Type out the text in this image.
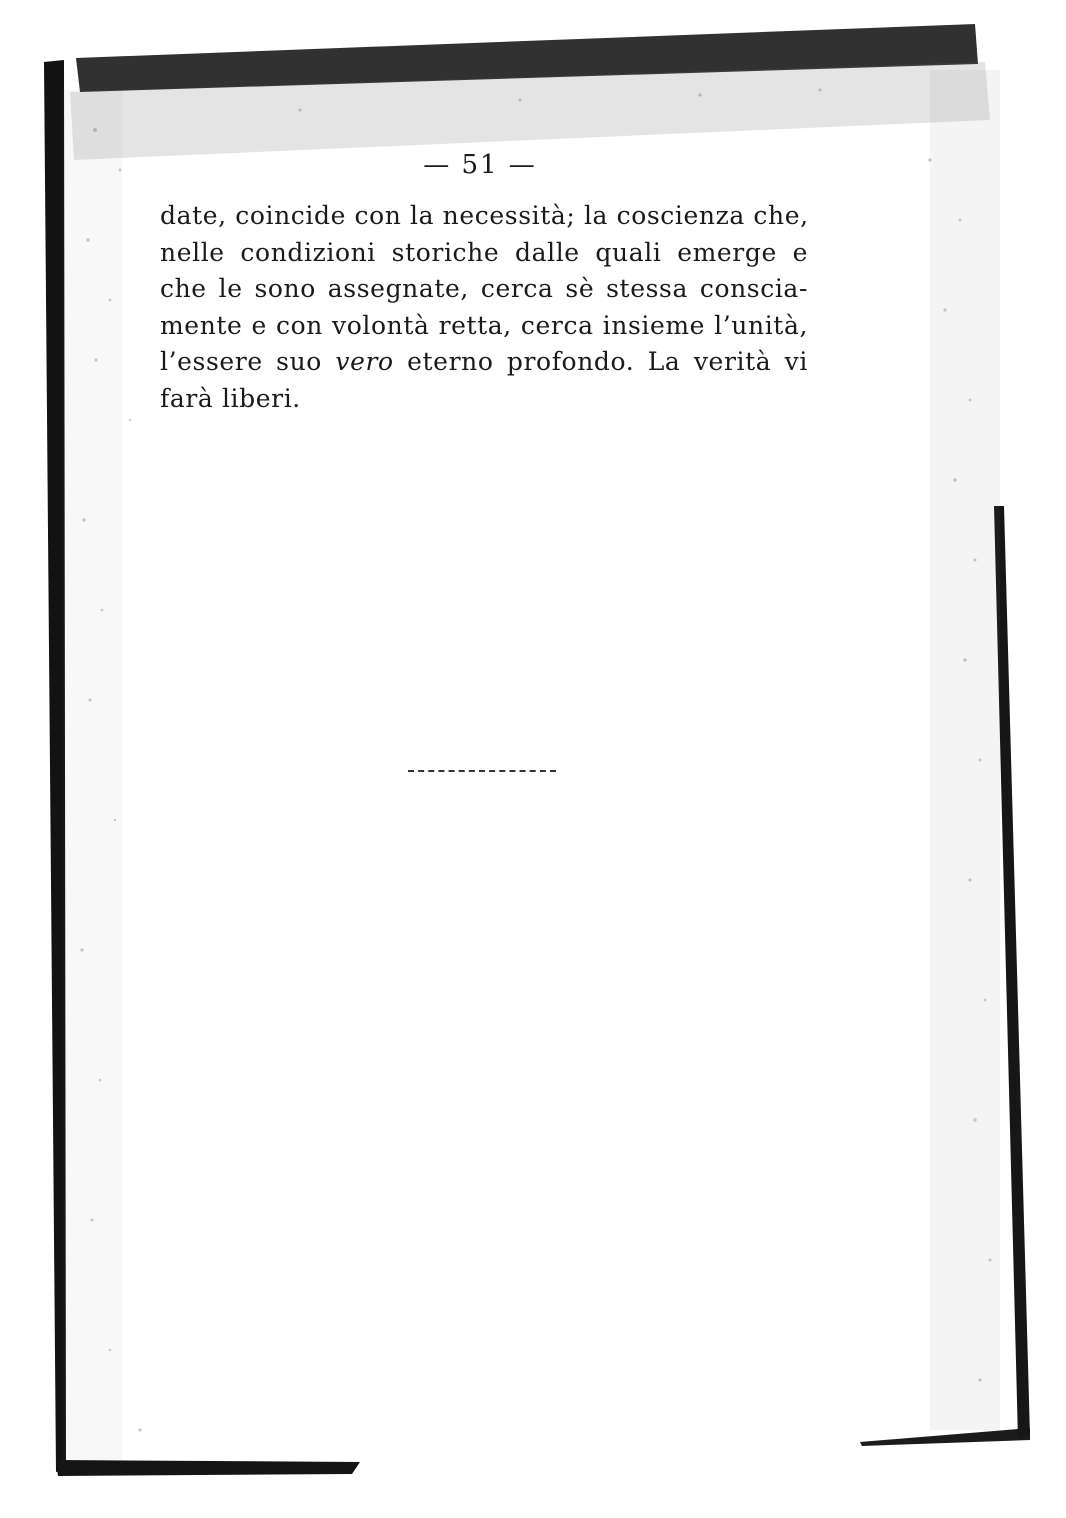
— 51 —
date, coincide con la necessità; la coscienza che,
nelle condizioni storiche dalle quali emerge e
che le sono assegnate, cerca sè stessa conscia-
mente e con volontà retta, cerca insieme l’unità,
l’essere suo vero eterno profondo. La verità vi
farà liberi.
